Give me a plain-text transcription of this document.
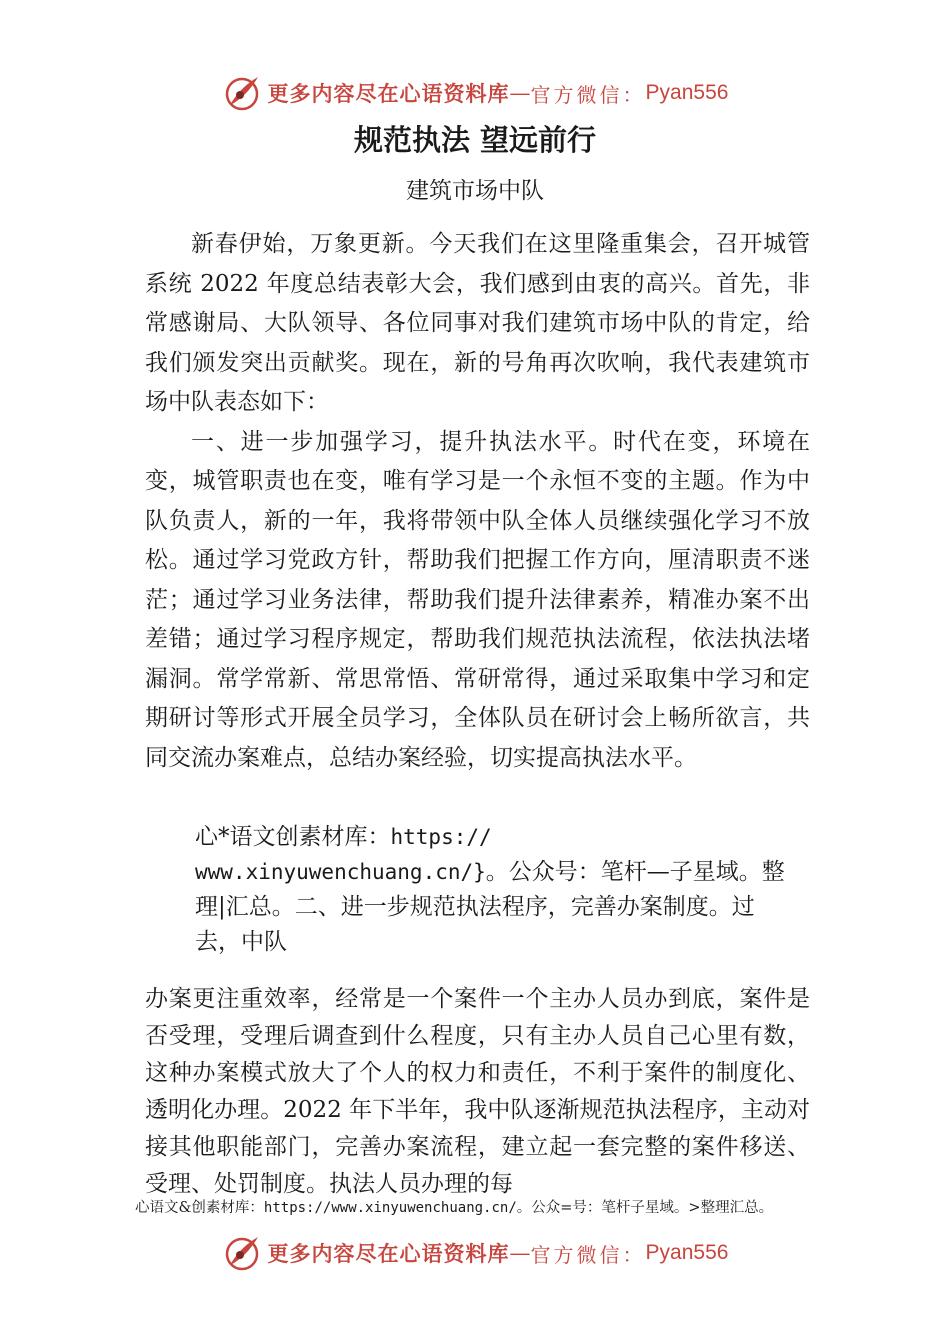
更多内容尽在心语资料库 — 官方微信： Pyan556
规范执法 望远前行
建筑市场中队

新春伊始，万象更新。今天我们在这里隆重集会，召开城管系统 2022 年度总结表彰大会，我们感到由衷的高兴。首先，非常感谢局、大队领导、各位同事对我们建筑市场中队的肯定，给我们颁发突出贡献奖。现在，新的号角再次吹响，我代表建筑市场中队表态如下：

一、进一步加强学习，提升执法水平。时代在变，环境在变，城管职责也在变，唯有学习是一个永恒不变的主题。作为中队负责人，新的一年，我将带领中队全体人员继续强化学习不放松。通过学习党政方针，帮助我们把握工作方向，厘清职责不迷茫；通过学习业务法律，帮助我们提升法律素养，精准办案不出差错；通过学习程序规定，帮助我们规范执法流程，依法执法堵漏洞。常学常新、常思常悟、常研常得，通过采取集中学习和定期研讨等形式开展全员学习，全体队员在研讨会上畅所欲言，共同交流办案难点，总结办案经验，切实提高执法水平。

心*语文创素材库：https://
www.xinyuwenchuang.cn/}。公众号：笔杆—子星域。整
理|汇总。二、进一步规范执法程序，完善办案制度。过
去，中队

办案更注重效率，经常是一个案件一个主办人员办到底，案件是否受理，受理后调查到什么程度，只有主办人员自己心里有数，这种办案模式放大了个人的权力和责任，不利于案件的制度化、透明化办理。2022 年下半年，我中队逐渐规范执法程序，主动对接其他职能部门，完善办案流程，建立起一套完整的案件移送、受理、处罚制度。执法人员办理的每

心语文&创素材库：https://www.xinyuwenchuang.cn/。公众=号：笔杆子星域。>整理汇总。
更多内容尽在心语资料库 — 官方微信： Pyan556
